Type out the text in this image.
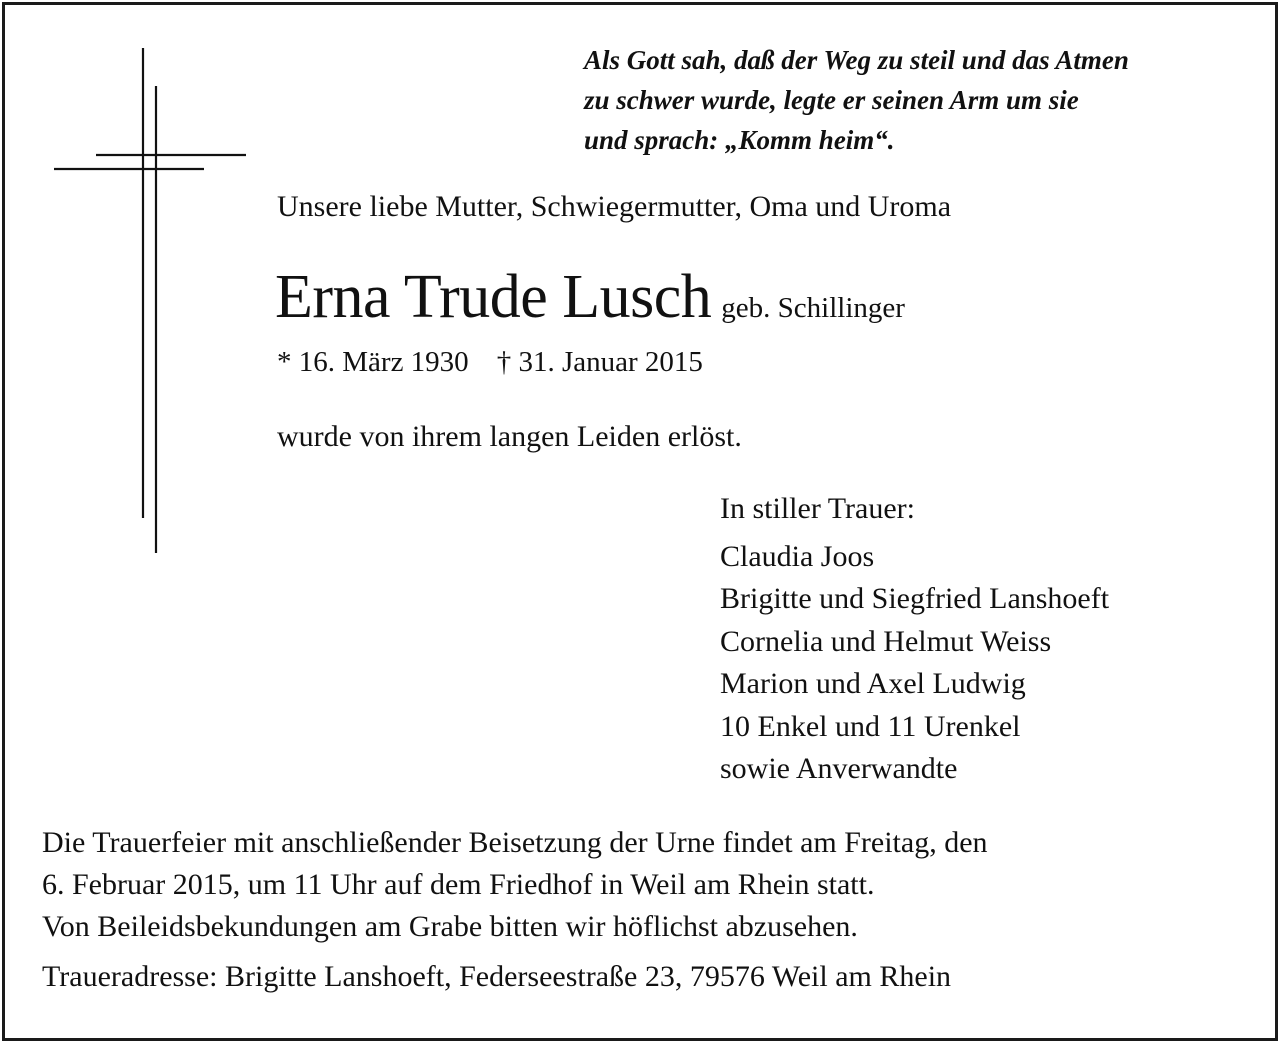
Als Gott sah, daß der Weg zu steil und das Atmen
zu schwer wurde, legte er seinen Arm um sie
und sprach: „Komm heim“.
Unsere liebe Mutter, Schwiegermutter, Oma und Uroma
Erna Trude Lusch geb. Schillinger
* 16. März 1930 † 31. Januar 2015
wurde von ihrem langen Leiden erlöst.
In stiller Trauer:
Claudia Joos
Brigitte und Siegfried Lanshoeft
Cornelia und Helmut Weiss
Marion und Axel Ludwig
10 Enkel und 11 Urenkel
sowie Anverwandte
Die Trauerfeier mit anschließender Beisetzung der Urne findet am Freitag, den
6. Februar 2015, um 11 Uhr auf dem Friedhof in Weil am Rhein statt.
Von Beileidsbekundungen am Grabe bitten wir höflichst abzusehen.
Traueradresse: Brigitte Lanshoeft, Federseestraße 23, 79576 Weil am Rhein
